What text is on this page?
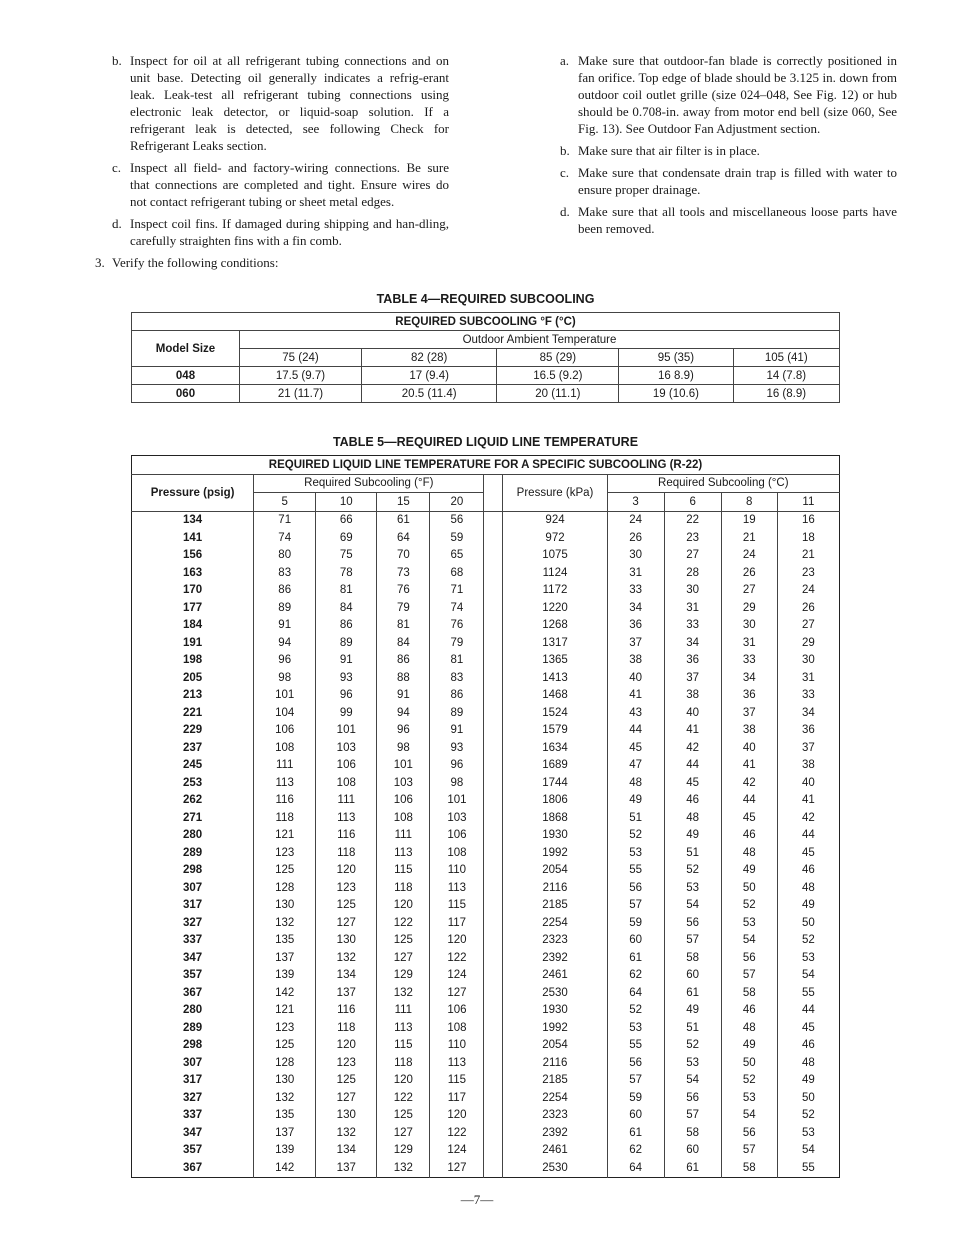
b. Inspect for oil at all refrigerant tubing connections and on unit base. Detecting oil generally indicates a refrig-erant leak. Leak-test all refrigerant tubing connections using electronic leak detector, or liquid-soap solution. If a refrigerant leak is detected, see following Check for Refrigerant Leaks section.
c. Inspect all field- and factory-wiring connections. Be sure that connections are completed and tight. Ensure wires do not contact refrigerant tubing or sheet metal edges.
d. Inspect coil fins. If damaged during shipping and han-dling, carefully straighten fins with a fin comb.
3. Verify the following conditions:
a. Make sure that outdoor-fan blade is correctly positioned in fan orifice. Top edge of blade should be 3.125 in. down from outdoor coil outlet grille (size 024–048, See Fig. 12) or hub should be 0.708-in. away from motor end bell (size 060, See Fig. 13). See Outdoor Fan Adjustment section.
b. Make sure that air filter is in place.
c. Make sure that condensate drain trap is filled with water to ensure proper drainage.
d. Make sure that all tools and miscellaneous loose parts have been removed.
TABLE 4—REQUIRED SUBCOOLING
REQUIRED SUBCOOLING °F (°C)					
Model Size	Outdoor Ambient Temperature				
	75 (24)	82 (28)	85 (29)	95 (35)	105 (41)
048	17.5 (9.7)	17 (9.4)	16.5 (9.2)	16 8.9)	14 (7.8)
060	21 (11.7)	20.5 (11.4)	20 (11.1)	19 (10.6)	16 (8.9)
TABLE 5—REQUIRED LIQUID LINE TEMPERATURE
REQUIRED LIQUID LINE TEMPERATURE FOR A SPECIFIC SUBCOOLING (R-22)										
Pressure (psig)	Required Subcooling (°F)					Pressure (kPa)	Required Subcooling (°C)			
	5	10	15	20			3	6	8	11
134	71	66	61	56		924	24	22	19	16
141	74	69	64	59		972	26	23	21	18
156	80	75	70	65		1075	30	27	24	21
163	83	78	73	68		1124	31	28	26	23
170	86	81	76	71		1172	33	30	27	24
177	89	84	79	74		1220	34	31	29	26
184	91	86	81	76		1268	36	33	30	27
191	94	89	84	79		1317	37	34	31	29
198	96	91	86	81		1365	38	36	33	30
205	98	93	88	83		1413	40	37	34	31
213	101	96	91	86		1468	41	38	36	33
221	104	99	94	89		1524	43	40	37	34
229	106	101	96	91		1579	44	41	38	36
237	108	103	98	93		1634	45	42	40	37
245	111	106	101	96		1689	47	44	41	38
253	113	108	103	98		1744	48	45	42	40
262	116	111	106	101		1806	49	46	44	41
271	118	113	108	103		1868	51	48	45	42
280	121	116	111	106		1930	52	49	46	44
289	123	118	113	108		1992	53	51	48	45
298	125	120	115	110		2054	55	52	49	46
307	128	123	118	113		2116	56	53	50	48
317	130	125	120	115		2185	57	54	52	49
327	132	127	122	117		2254	59	56	53	50
337	135	130	125	120		2323	60	57	54	52
347	137	132	127	122		2392	61	58	56	53
357	139	134	129	124		2461	62	60	57	54
367	142	137	132	127		2530	64	61	58	55
280	121	116	111	106		1930	52	49	46	44
289	123	118	113	108		1992	53	51	48	45
298	125	120	115	110		2054	55	52	49	46
307	128	123	118	113		2116	56	53	50	48
317	130	125	120	115		2185	57	54	52	49
327	132	127	122	117		2254	59	56	53	50
337	135	130	125	120		2323	60	57	54	52
347	137	132	127	122		2392	61	58	56	53
357	139	134	129	124		2461	62	60	57	54
367	142	137	132	127		2530	64	61	58	55
—7—
